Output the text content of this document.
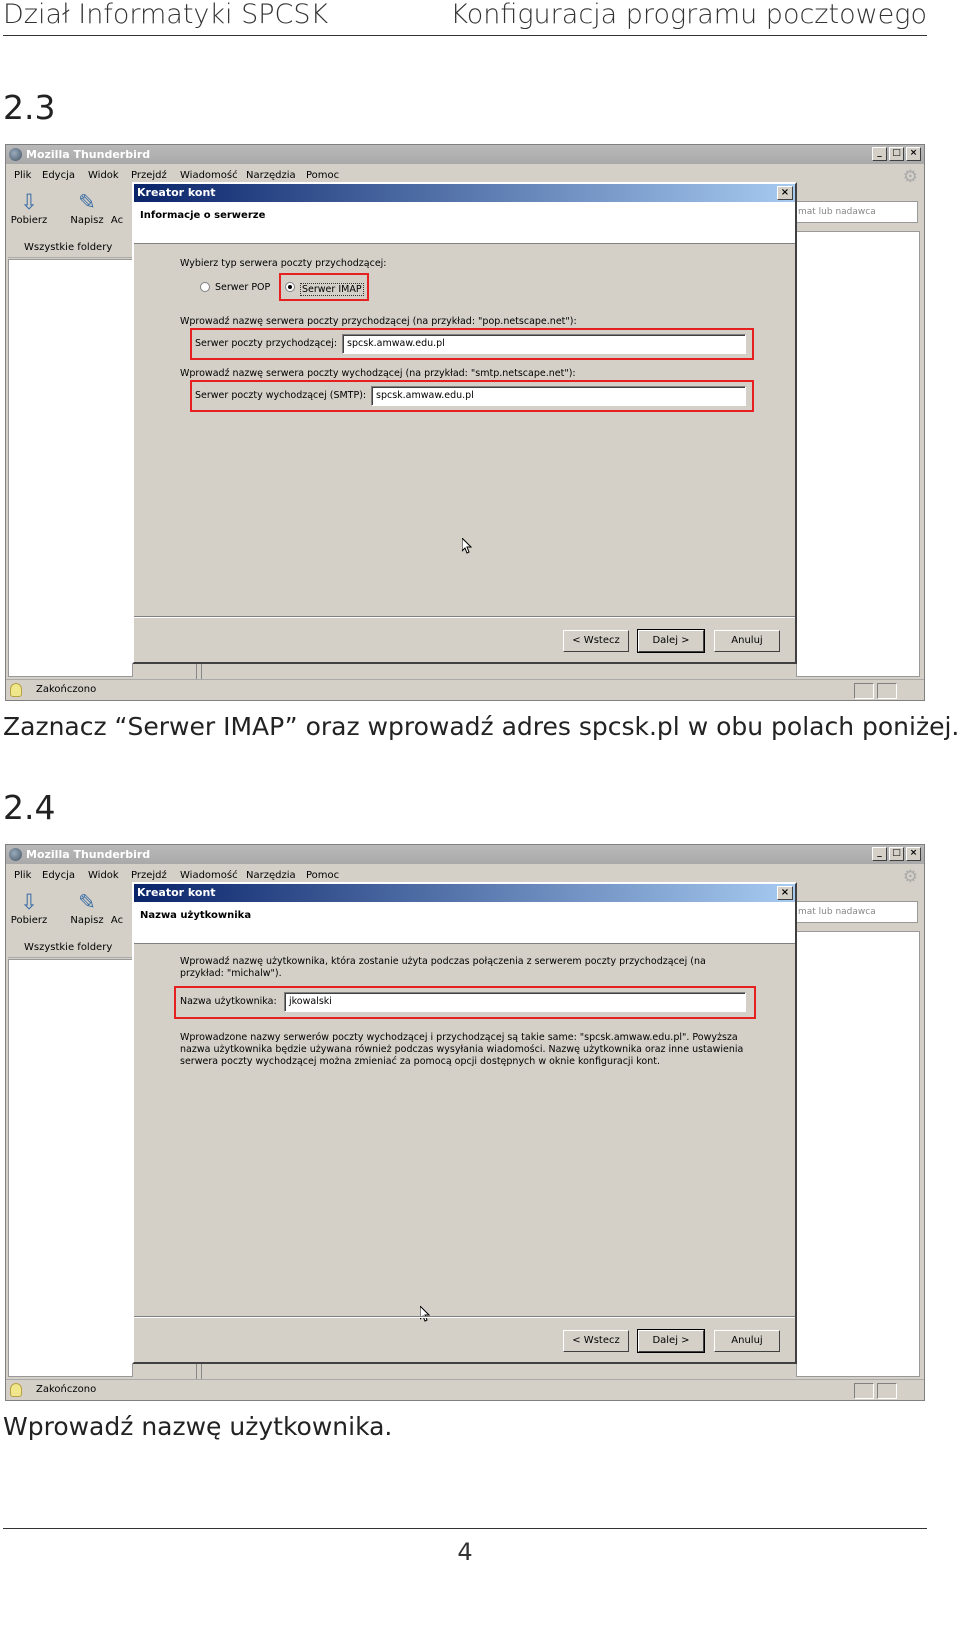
Dział Informatyki SPCSK	Konfiguracja programu pocztowego
2.3
Mozilla Thunderbird	_	□ ×
Plik Edycja Widok Przejdź Wiadomość Narzędzia Pomoc	⚙
⇩
Pobierz
✎
Napisz Ac
mat lub nadawca
Wszystkie foldery
Zakończono
Kreator kont	×
Informacje o serwerze
Wybierz typ serwera poczty przychodzącej:
Serwer POP	Serwer IMAP
Wprowadź nazwę serwera poczty przychodzącej (na przykład: "pop.netscape.net"):
Serwer poczty przychodzącej:	spcsk.amwaw.edu.pl
Wprowadź nazwę serwera poczty wychodzącej (na przykład: "smtp.netscape.net"):
Serwer poczty wychodzącej (SMTP):	spcsk.amwaw.edu.pl
< Wstecz	Dalej >	Anuluj
Zaznacz “Serwer IMAP” oraz wprowadź adres spcsk.pl w obu polach poniżej.
2.4
Mozilla Thunderbird	_	□ ×
Plik Edycja Widok Przejdź Wiadomość Narzędzia Pomoc	⚙
⇩
Pobierz
✎
Napisz Ac
mat lub nadawca
Wszystkie foldery
Zakończono
Kreator kont	×
Nazwa użytkownika
Wprowadź nazwę użytkownika, która zostanie użyta podczas połączenia z serwerem poczty przychodzącej (na przykład: "michalw").
Nazwa użytkownika:	jkowalski
Wprowadzone nazwy serwerów poczty wychodzącej i przychodzącej są takie same: "spcsk.amwaw.edu.pl". Powyższa nazwa użytkownika będzie używana również podczas wysyłania wiadomości. Nazwę użytkownika oraz inne ustawienia serwera poczty wychodzącej można zmieniać za pomocą opcji dostępnych w oknie konfiguracji kont.
< Wstecz	Dalej >	Anuluj
Wprowadź nazwę użytkownika.
4
